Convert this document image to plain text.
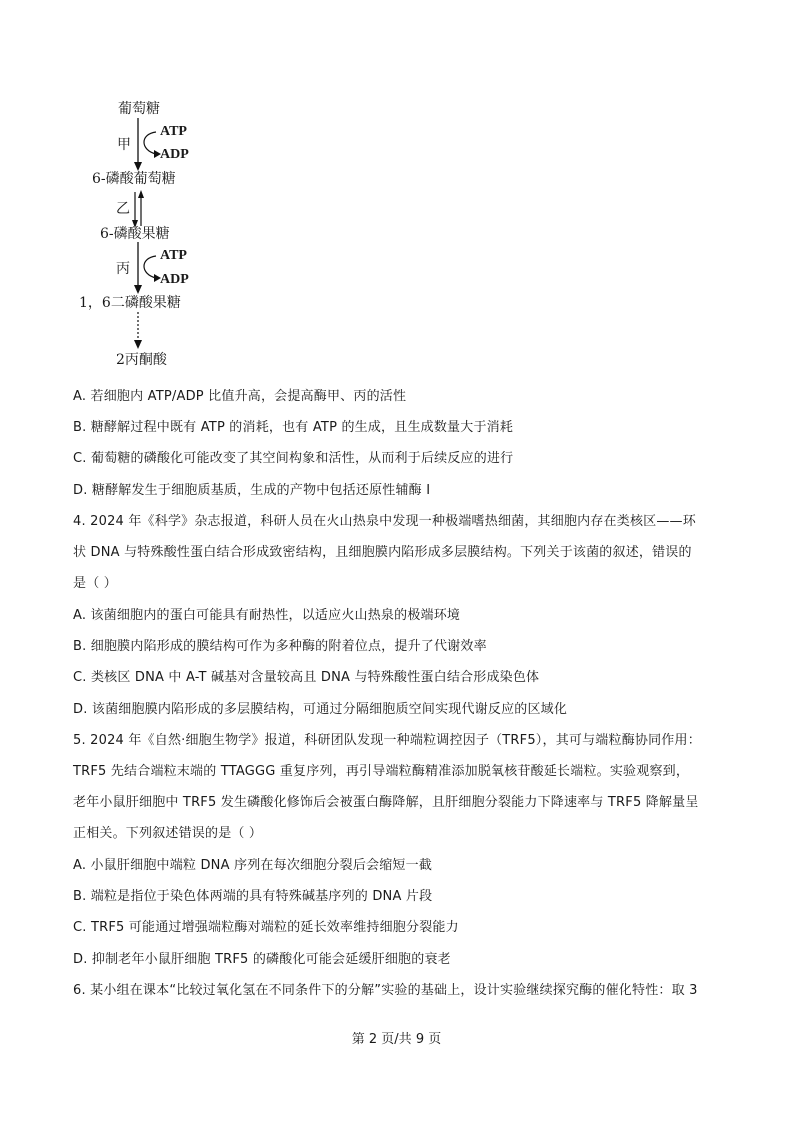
葡萄糖
甲
ATP
ADP
6-磷酸葡萄糖
乙
6-磷酸果糖
丙
ATP
ADP
1，6二磷酸果糖
2丙酮酸
A. 若细胞内 ATP/ADP 比值升高，会提高酶甲、丙的活性
B. 糖酵解过程中既有 ATP 的消耗，也有 ATP 的生成，且生成数量大于消耗
C. 葡萄糖的磷酸化可能改变了其空间构象和活性，从而利于后续反应的进行
D. 糖酵解发生于细胞质基质，生成的产物中包括还原性辅酶 I
4. 2024 年《科学》杂志报道，科研人员在火山热泉中发现一种极端嗜热细菌，其细胞内存在类核区——环
状 DNA 与特殊酸性蛋白结合形成致密结构，且细胞膜内陷形成多层膜结构。下列关于该菌的叙述，错误的
是（ ）
A. 该菌细胞内的蛋白可能具有耐热性，以适应火山热泉的极端环境
B. 细胞膜内陷形成的膜结构可作为多种酶的附着位点，提升了代谢效率
C. 类核区 DNA 中 A-T 碱基对含量较高且 DNA 与特殊酸性蛋白结合形成染色体
D. 该菌细胞膜内陷形成的多层膜结构，可通过分隔细胞质空间实现代谢反应的区域化
5. 2024 年《自然·细胞生物学》报道，科研团队发现一种端粒调控因子（TRF5），其可与端粒酶协同作用：
TRF5 先结合端粒末端的 TTAGGG 重复序列，再引导端粒酶精准添加脱氧核苷酸延长端粒。实验观察到，
老年小鼠肝细胞中 TRF5 发生磷酸化修饰后会被蛋白酶降解，且肝细胞分裂能力下降速率与 TRF5 降解量呈
正相关。下列叙述错误的是（ ）
A. 小鼠肝细胞中端粒 DNA 序列在每次细胞分裂后会缩短一截
B. 端粒是指位于染色体两端的具有特殊碱基序列的 DNA 片段
C. TRF5 可能通过增强端粒酶对端粒的延长效率维持细胞分裂能力
D. 抑制老年小鼠肝细胞 TRF5 的磷酸化可能会延缓肝细胞的衰老
6. 某小组在课本“比较过氧化氢在不同条件下的分解”实验的基础上，设计实验继续探究酶的催化特性：取 3
第 2 页/共 9 页
